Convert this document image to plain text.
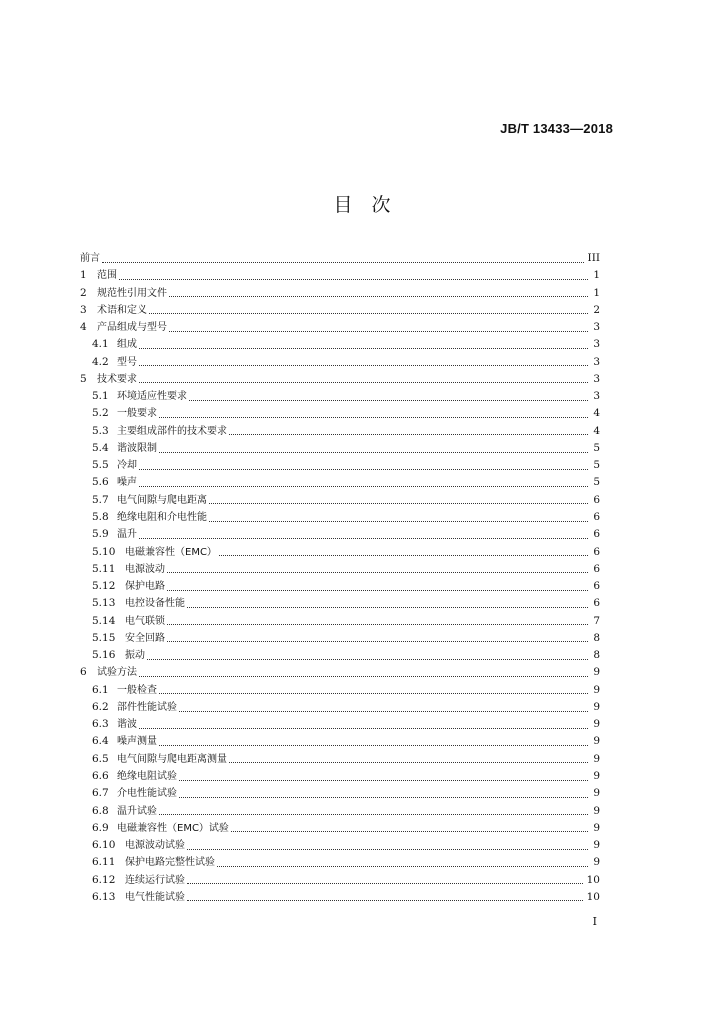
JB/T 13433—2018
目　次
前言	III
1	范围	1
2	规范性引用文件	1
3	术语和定义	2
4	产品组成与型号	3
4.1 组成	3
4.2 型号	3
5	技术要求	3
5.1 环境适应性要求	3
5.2 一般要求	4
5.3 主要组成部件的技术要求	4
5.4 谐波限制	5
5.5 冷却	5
5.6 噪声	5
5.7 电气间隙与爬电距离	6
5.8 绝缘电阻和介电性能	6
5.9 温升	6
5.10 电磁兼容性（EMC）	6
5.11 电源波动	6
5.12 保护电路	6
5.13 电控设备性能	6
5.14 电气联锁	7
5.15 安全回路	8
5.16 振动	8
6	试验方法	9
6.1 一般检查	9
6.2 部件性能试验	9
6.3 谐波	9
6.4 噪声测量	9
6.5 电气间隙与爬电距离测量	9
6.6 绝缘电阻试验	9
6.7 介电性能试验	9
6.8 温升试验	9
6.9 电磁兼容性（EMC）试验	9
6.10 电源波动试验	9
6.11 保护电路完整性试验	9
6.12 连续运行试验	10
6.13 电气性能试验	10
I
